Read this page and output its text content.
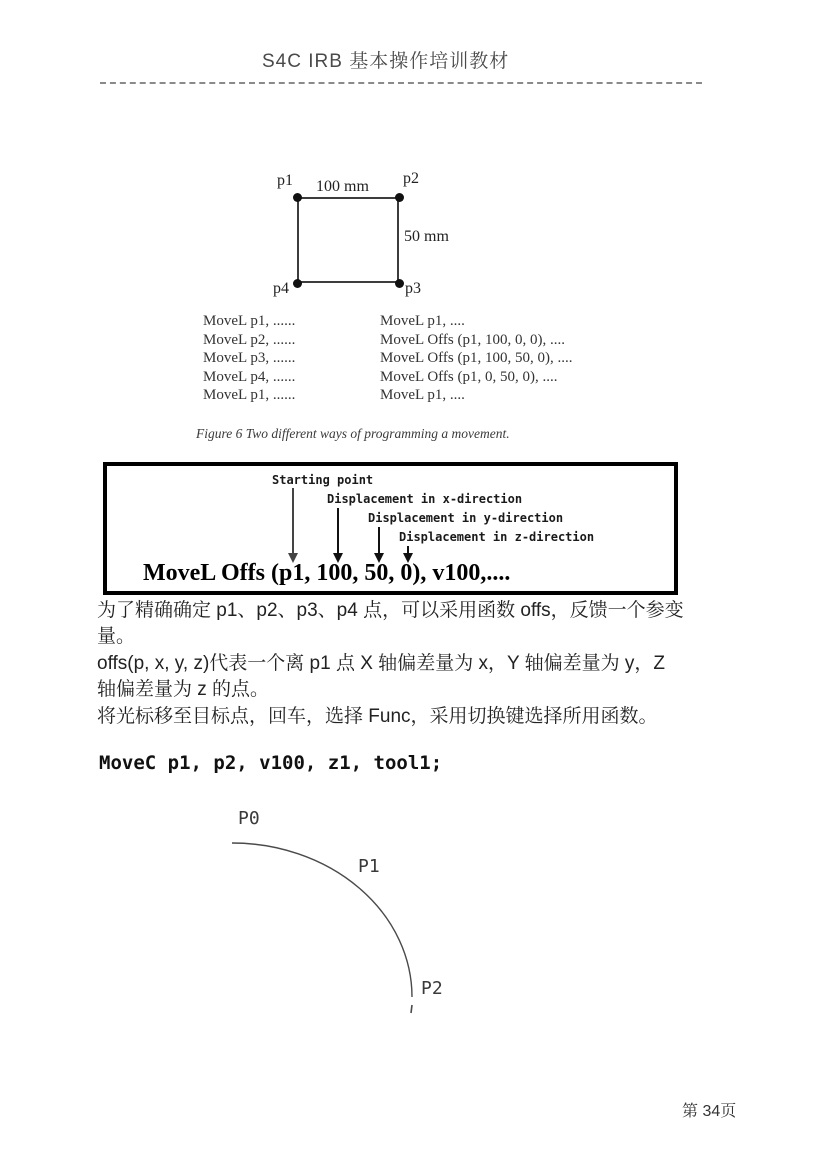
S4C IRB 基本操作培训教材
p1	p2
p3
p4
100 mm
50 mm
MoveL p1, ......
MoveL p2, ......
MoveL p3, ......
MoveL p4, ......
MoveL p1, ......
MoveL p1, ....
MoveL Offs (p1, 100, 0, 0), ....
MoveL Offs (p1, 100, 50, 0), ....
MoveL Offs (p1, 0, 50, 0), ....
MoveL p1, ....
Figure 6 Two different ways of programming a movement.
Starting point
Displacement in x-direction
Displacement in y-direction
Displacement in z-direction
MoveL Offs (p1, 100, 50, 0), v100,....
为了精确确定 p1、p2、p3、p4 点，可以采用函数 offs，反馈一个参变
量。
offs(p, x, y, z)代表一个离 p1 点 X 轴偏差量为 x，Y 轴偏差量为 y，Z
轴偏差量为 z 的点。
将光标移至目标点，回车，选择 Func，采用切换键选择所用函数。
MoveC p1, p2, v100, z1, tool1;
P0
P1
P2
第 34页
